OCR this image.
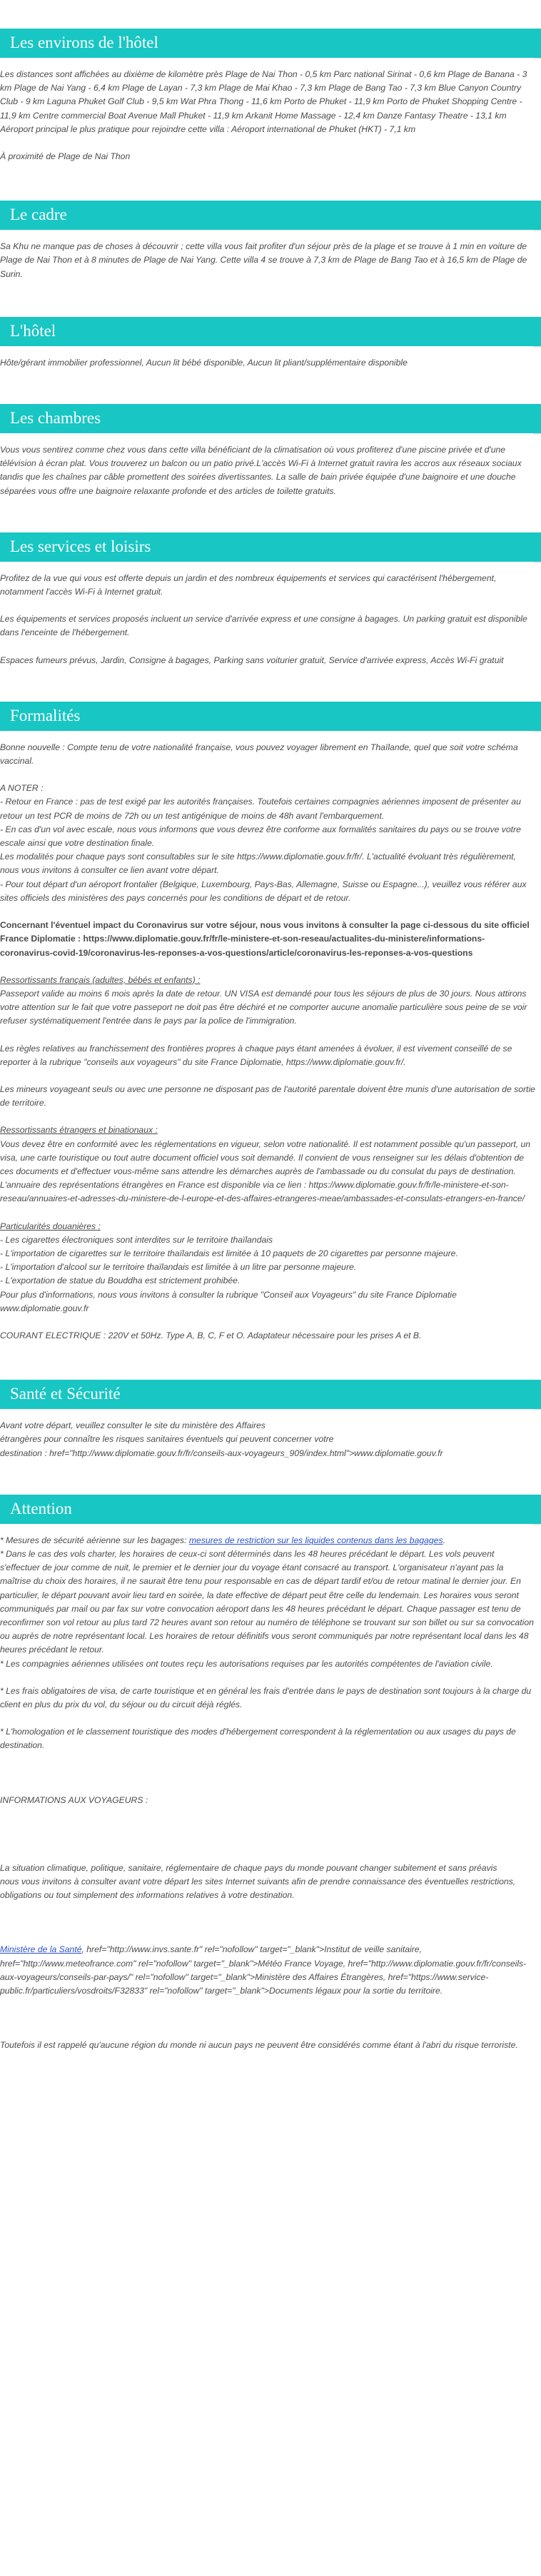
Les environs de l'hôtel

Les distances sont affichées au dixième de kilomètre près Plage de Nai Thon - 0,5 km Parc national Sirinat - 0,6 km Plage de Banana - 3 km Plage de Nai Yang - 6,4 km Plage de Layan - 7,3 km Plage de Mai Khao - 7,3 km Plage de Bang Tao - 7,3 km Blue Canyon Country Club - 9 km Laguna Phuket Golf Club - 9,5 km Wat Phra Thong - 11,6 km Porto de Phuket - 11,9 km Porto de Phuket Shopping Centre - 11,9 km Centre commercial Boat Avenue Mall Phuket - 11,9 km Arkanit Home Massage - 12,4 km Danze Fantasy Theatre - 13,1 km Aéroport principal le plus pratique pour rejoindre cette villa : Aéroport international de Phuket (HKT) - 7,1 km

À proximité de Plage de Nai Thon

Le cadre

Sa Khu ne manque pas de choses à découvrir ; cette villa vous fait profiter d'un séjour près de la plage et se trouve à 1 min en voiture de Plage de Nai Thon et à 8 minutes de Plage de Nai Yang. Cette villa 4 se trouve à 7,3 km de Plage de Bang Tao et à 16,5 km de Plage de Surin.

L'hôtel

Hôte/gérant immobilier professionnel, Aucun lit bébé disponible, Aucun lit pliant/supplémentaire disponible

Les chambres

Vous vous sentirez comme chez vous dans cette villa bénéficiant de la climatisation où vous profiterez d'une piscine privée et d'une télévision à écran plat. Vous trouverez un balcon ou un patio privé.L'accès Wi-Fi à Internet gratuit ravira les accros aux réseaux sociaux tandis que les chaînes par câble promettent des soirées divertissantes. La salle de bain privée équipée d'une baignoire et une douche séparées vous offre une baignoire relaxante profonde et des articles de toilette gratuits.

Les services et loisirs

Profitez de la vue qui vous est offerte depuis un jardin et des nombreux équipements et services qui caractérisent l'hébergement, notamment l'accès Wi-Fi à Internet gratuit.

Les équipements et services proposés incluent un service d'arrivée express et une consigne à bagages. Un parking gratuit est disponible dans l'enceinte de l'hébergement.

Espaces fumeurs prévus, Jardin, Consigne à bagages, Parking sans voiturier gratuit, Service d'arrivée express, Accès Wi-Fi gratuit

Formalités

Bonne nouvelle : Compte tenu de votre nationalité française, vous pouvez voyager librement en Thaïlande, quel que soit votre schéma vaccinal.

A NOTER :

- Retour en France : pas de test exigé par les autorités françaises. Toutefois certaines compagnies aériennes imposent de présenter au retour un test PCR de moins de 72h ou un test antigénique de moins de 48h avant l'embarquement.

- En cas d'un vol avec escale, nous vous informons que vous devrez être conforme aux formalités sanitaires du pays ou se trouve votre escale ainsi que votre destination finale.

Les modalités pour chaque pays sont consultables sur le site https://www.diplomatie.gouv.fr/fr/. L'actualité évoluant très régulièrement, nous vous invitons à consulter ce lien avant votre départ.

- Pour tout départ d'un aéroport frontalier (Belgique, Luxembourg, Pays-Bas, Allemagne, Suisse ou Espagne...), veuillez vous référer aux sites officiels des ministères des pays concernés pour les conditions de départ et de retour.

Concernant l'éventuel impact du Coronavirus sur votre séjour, nous vous invitons à consulter la page ci-dessous du site officiel France Diplomatie : https://www.diplomatie.gouv.fr/fr/le-ministere-et-son-reseau/actualites-du-ministere/informations-coronavirus-covid-19/coronavirus-les-reponses-a-vos-questions/article/coronavirus-les-reponses-a-vos-questions

Ressortissants français (adultes, bébés et enfants) :

Passeport valide au moins 6 mois après la date de retour. UN VISA est demandé pour tous les séjours de plus de 30 jours. Nous attirons votre attention sur le fait que votre passeport ne doit pas être déchiré et ne comporter aucune anomalie particulière sous peine de se voir refuser systématiquement l'entrée dans le pays par la police de l'immigration.

Les règles relatives au franchissement des frontières propres à chaque pays étant amenées à évoluer, il est vivement conseillé de se reporter à la rubrique "conseils aux voyageurs" du site France Diplomatie, https://www.diplomatie.gouv.fr/.

Les mineurs voyageant seuls ou avec une personne ne disposant pas de l'autorité parentale doivent être munis d'une autorisation de sortie de territoire.

Ressortissants étrangers et binationaux :

Vous devez être en conformité avec les réglementations en vigueur, selon votre nationalité. Il est notamment possible qu'un passeport, un visa, une carte touristique ou tout autre document officiel vous soit demandé. Il convient de vous renseigner sur les délais d'obtention de ces documents et d'effectuer vous-même sans attendre les démarches auprès de l'ambassade ou du consulat du pays de destination.

L'annuaire des représentations étrangères en France est disponible via ce lien : https://www.diplomatie.gouv.fr/fr/le-ministere-et-son-reseau/annuaires-et-adresses-du-ministere-de-l-europe-et-des-affaires-etrangeres-meae/ambassades-et-consulats-etrangers-en-france/

Particularités douanières :

- Les cigarettes électroniques sont interdites sur le territoire thaïlandais

- L'importation de cigarettes sur le territoire thaïlandais est limitée à 10 paquets de 20 cigarettes par personne majeure.

- L'importation d'alcool sur le territoire thaïlandais est limitée à un litre par personne majeure.

- L'exportation de statue du Bouddha est strictement prohibée.

Pour plus d'informations, nous vous invitons à consulter la rubrique "Conseil aux Voyageurs" du site France Diplomatie www.diplomatie.gouv.fr

COURANT ELECTRIQUE : 220V et 50Hz. Type A, B, C, F et O. Adaptateur nécessaire pour les prises A et B.

Santé et Sécurité

Avant votre départ, veuillez consulter le site du ministère des Affaires

étrangères pour connaître les risques sanitaires éventuels qui peuvent concerner votre

destination : href="http://www.diplomatie.gouv.fr/fr/conseils-aux-voyageurs_909/index.html">www.diplomatie.gouv.fr

Attention

* Mesures de sécurité aérienne sur les bagages: mesures de restriction sur les liquides contenus dans les bagages.

* Dans le cas des vols charter, les horaires de ceux-ci sont déterminés dans les 48 heures précédant le départ. Les vols peuvent s'effectuer de jour comme de nuit, le premier et le dernier jour du voyage étant consacré au transport. L'organisateur n'ayant pas la maîtrise du choix des horaires, il ne saurait être tenu pour responsable en cas de départ tardif et/ou de retour matinal le dernier jour. En particulier, le départ pouvant avoir lieu tard en soirée, la date effective de départ peut être celle du lendemain. Les horaires vous seront communiqués par mail ou par fax sur votre convocation aéroport dans les 48 heures précédant le départ. Chaque passager est tenu de reconfirmer son vol retour au plus tard 72 heures avant son retour au numéro de téléphone se trouvant sur son billet ou sur sa convocation ou auprès de notre représentant local. Les horaires de retour définitifs vous seront communiqués par notre représentant local dans les 48 heures précédant le retour.

* Les compagnies aériennes utilisées ont toutes reçu les autorisations requises par les autorités compétentes de l'aviation civile.

* Les frais obligatoires de visa, de carte touristique et en général les frais d'entrée dans le pays de destination sont toujours à la charge du client en plus du prix du vol, du séjour ou du circuit déjà réglés.

* L'homologation et le classement touristique des modes d'hébergement correspondent à la réglementation ou aux usages du pays de destination.

INFORMATIONS AUX VOYAGEURS :

La situation climatique, politique, sanitaire, réglementaire de chaque pays du monde pouvant changer subitement et sans préavis

nous vous invitons à consulter avant votre départ les sites Internet suivants afin de prendre connaissance des éventuelles restrictions, obligations ou tout simplement des informations relatives à votre destination.

Ministère de la Santé, href="http://www.invs.sante.fr" rel="nofollow" target="_blank">Institut de veille sanitaire, href="http://www.meteofrance.com" rel="nofollow" target="_blank">Météo France Voyage, href="http://www.diplomatie.gouv.fr/fr/conseils-aux-voyageurs/conseils-par-pays/" rel="nofollow" target="_blank">Ministère des Affaires Étrangères, href="https://www.service-public.fr/particuliers/vosdroits/F32833" rel="nofollow" target="_blank">Documents légaux pour la sortie du territoire.

Toutefois il est rappelé qu'aucune région du monde ni aucun pays ne peuvent être considérés comme étant à l'abri du risque terroriste.
